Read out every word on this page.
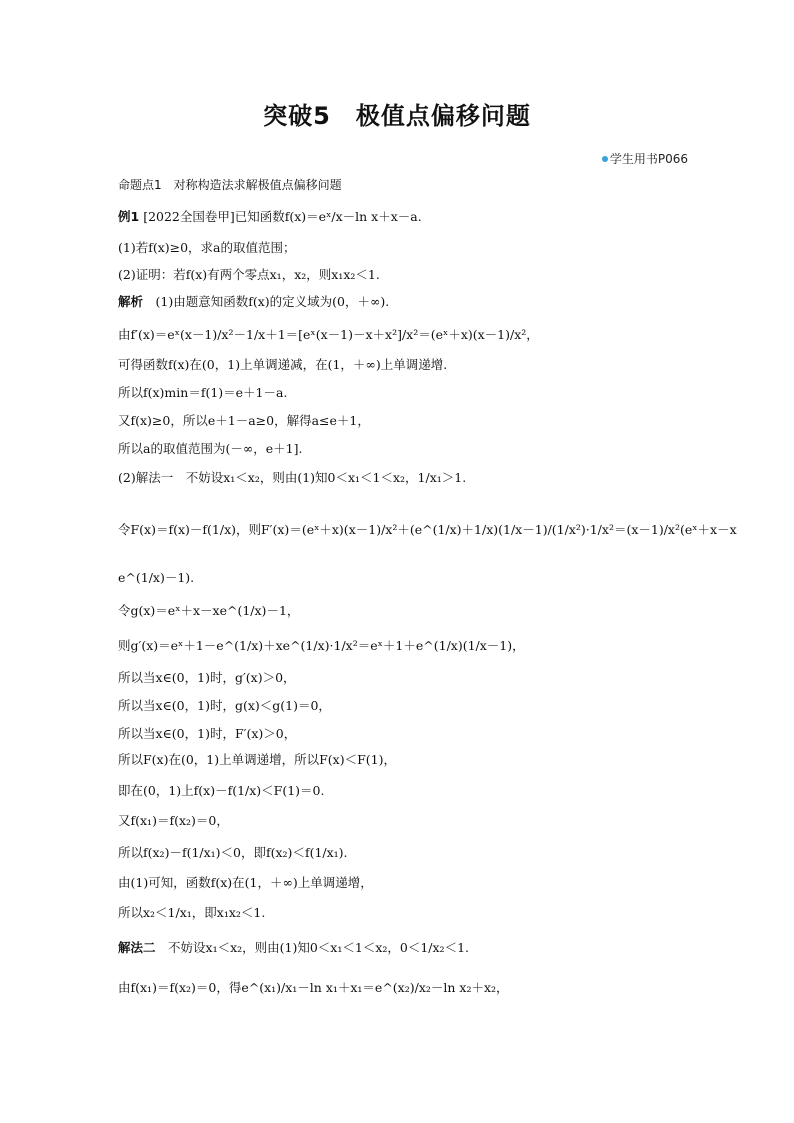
突破5　极值点偏移问题
学生用书P066
命题点1　对称构造法求解极值点偏移问题
例1 [2022全国卷甲]已知函数f(x)＝eˣ/x－ln x＋x－a.
(1)若f(x)≥0，求a的取值范围；
(2)证明：若f(x)有两个零点x₁，x₂，则x₁x₂＜1.
解析　 (1)由题意知函数f(x)的定义域为(0，＋∞).
由f′(x)＝eˣ(x－1)/x²－1/x＋1＝[eˣ(x－1)－x＋x²]/x²＝(eˣ＋x)(x－1)/x²，
可得函数f(x)在(0，1)上单调递减，在(1，＋∞)上单调递增.
所以f(x)min＝f(1)＝e＋1－a.
又f(x)≥0，所以e＋1－a≥0，解得a≤e＋1，
所以a的取值范围为(－∞，e＋1].
(2)解法一　不妨设x₁＜x₂，则由(1)知0＜x₁＜1＜x₂，1/x₁＞1.
令F(x)＝f(x)－f(1/x)，则F′(x)＝(eˣ＋x)(x－1)/x²＋(e^(1/x)＋1/x)(1/x－1)/(1/x²)·1/x²＝(x－1)/x²(eˣ＋x－x
e^(1/x)－1).
令g(x)＝eˣ＋x－xe^(1/x)－1，
则g′(x)＝eˣ＋1－e^(1/x)＋xe^(1/x)·1/x²＝eˣ＋1＋e^(1/x)(1/x－1)，
所以当x∈(0，1)时，g′(x)＞0，
所以当x∈(0，1)时，g(x)＜g(1)＝0，
所以当x∈(0，1)时，F′(x)＞0，
所以F(x)在(0，1)上单调递增，所以F(x)＜F(1)，
即在(0，1)上f(x)－f(1/x)＜F(1)＝0.
又f(x₁)＝f(x₂)＝0，
所以f(x₂)－f(1/x₁)＜0，即f(x₂)＜f(1/x₁).
由(1)可知，函数f(x)在(1，＋∞)上单调递增，
所以x₂＜1/x₁，即x₁x₂＜1.
解法二　 不妨设x₁＜x₂，则由(1)知0＜x₁＜1＜x₂，0＜1/x₂＜1.
由f(x₁)＝f(x₂)＝0，得e^(x₁)/x₁－ln x₁＋x₁＝e^(x₂)/x₂－ln x₂＋x₂，
